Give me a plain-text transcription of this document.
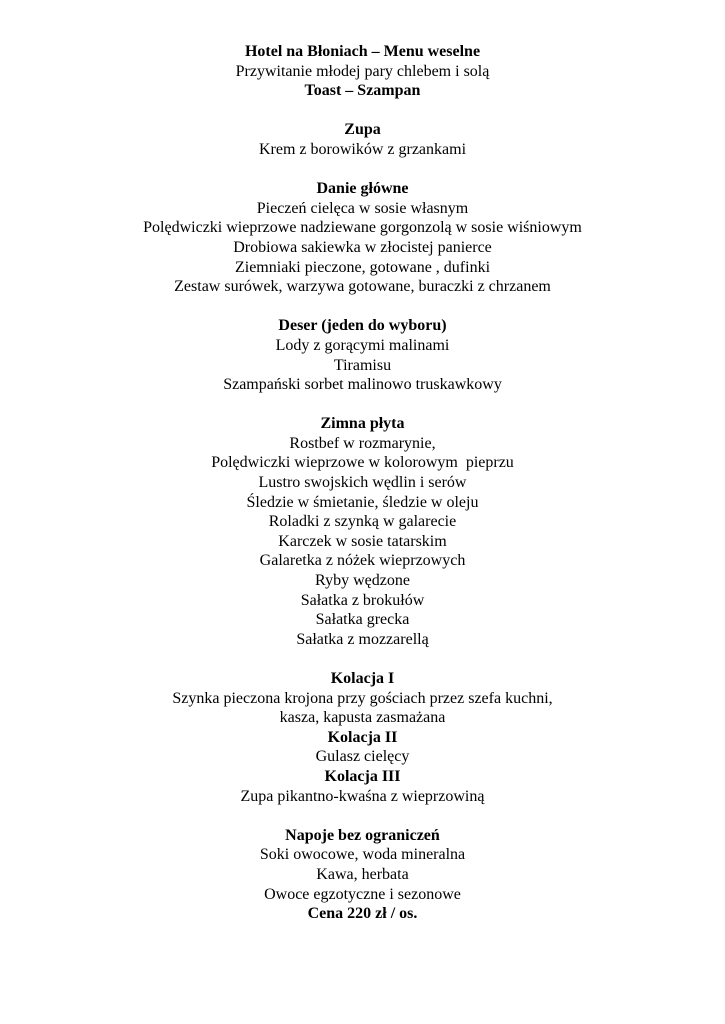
Hotel na Błoniach – Menu weselne
Przywitanie młodej pary chlebem i solą
Toast – Szampan
Zupa
Krem z borowików z grzankami
Danie główne
Pieczeń cielęca w sosie własnym
Polędwiczki wieprzowe nadziewane gorgonzolą w sosie wiśniowym
Drobiowa sakiewka w złocistej panierce
Ziemniaki pieczone, gotowane , dufinki
Zestaw surówek, warzywa gotowane, buraczki z chrzanem
Deser (jeden do wyboru)
Lody z gorącymi malinami
Tiramisu
Szampański sorbet malinowo truskawkowy
Zimna płyta
Rostbef w rozmarynie,
Polędwiczki wieprzowe w kolorowym  pieprzu
Lustro swojskich wędlin i serów
Śledzie w śmietanie, śledzie w oleju
Roladki z szynką w galarecie
Karczek w sosie tatarskim
Galaretka z nóżek wieprzowych
Ryby wędzone
Sałatka z brokułów
Sałatka grecka
Sałatka z mozzarellą
Kolacja I
Szynka pieczona krojona przy gościach przez szefa kuchni,
kasza, kapusta zasmażana
Kolacja II
Gulasz cielęcy
Kolacja III
Zupa pikantno-kwaśna z wieprzowiną
Napoje bez ograniczeń
Soki owocowe, woda mineralna
Kawa, herbata
Owoce egzotyczne i sezonowe
Cena 220 zł / os.
